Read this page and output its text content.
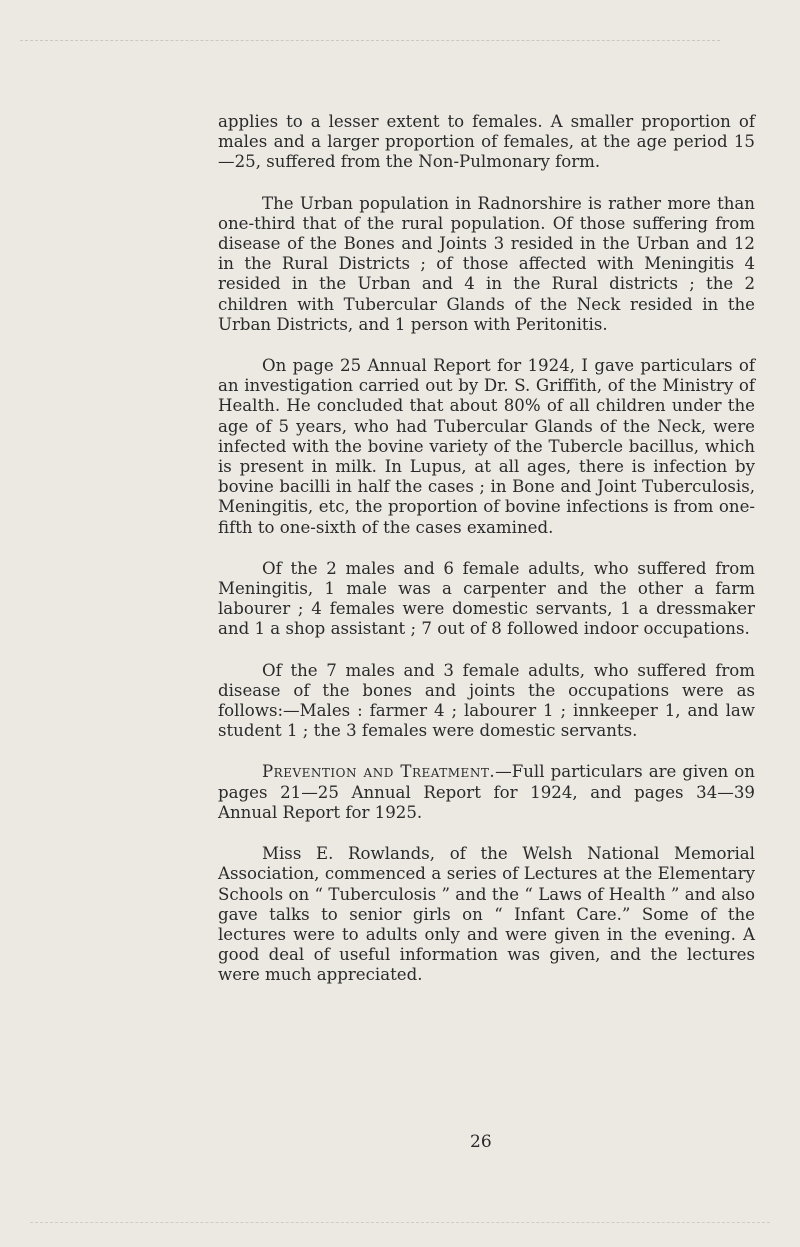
applies to a lesser extent to females. A smaller proportion of males and a larger proportion of females, at the age period 15—25, suffered from the Non-Pulmonary form.

The Urban population in Radnorshire is rather more than one-third that of the rural population. Of those suffering from disease of the Bones and Joints 3 resided in the Urban and 12 in the Rural Districts ; of those affected with Meningitis 4 resided in the Urban and 4 in the Rural districts ; the 2 children with Tubercular Glands of the Neck resided in the Urban Districts, and 1 person with Peritonitis.

On page 25 Annual Report for 1924, I gave particulars of an investigation carried out by Dr. S. Griffith, of the Ministry of Health. He concluded that about 80% of all children under the age of 5 years, who had Tubercular Glands of the Neck, were infected with the bovine variety of the Tubercle bacillus, which is present in milk. In Lupus, at all ages, there is infection by bovine bacilli in half the cases ; in Bone and Joint Tuberculosis, Meningitis, etc, the proportion of bovine infections is from one-fifth to one-sixth of the cases examined.

Of the 2 males and 6 female adults, who suffered from Meningitis, 1 male was a carpenter and the other a farm labourer ; 4 females were domestic servants, 1 a dressmaker and 1 a shop assistant ; 7 out of 8 followed indoor occupations.

Of the 7 males and 3 female adults, who suffered from disease of the bones and joints the occupations were as follows:—Males : farmer 4 ; labourer 1 ; innkeeper 1, and law student 1 ; the 3 females were domestic servants.

Prevention and Treatment.—Full particulars are given on pages 21—25 Annual Report for 1924, and pages 34—39 Annual Report for 1925.

Miss E. Rowlands, of the Welsh National Memorial Association, commenced a series of Lectures at the Elementary Schools on “ Tuberculosis ” and the “ Laws of Health ” and also gave talks to senior girls on “ Infant Care.” Some of the lectures were to adults only and were given in the evening. A good deal of useful information was given, and the lectures were much appreciated.

26
